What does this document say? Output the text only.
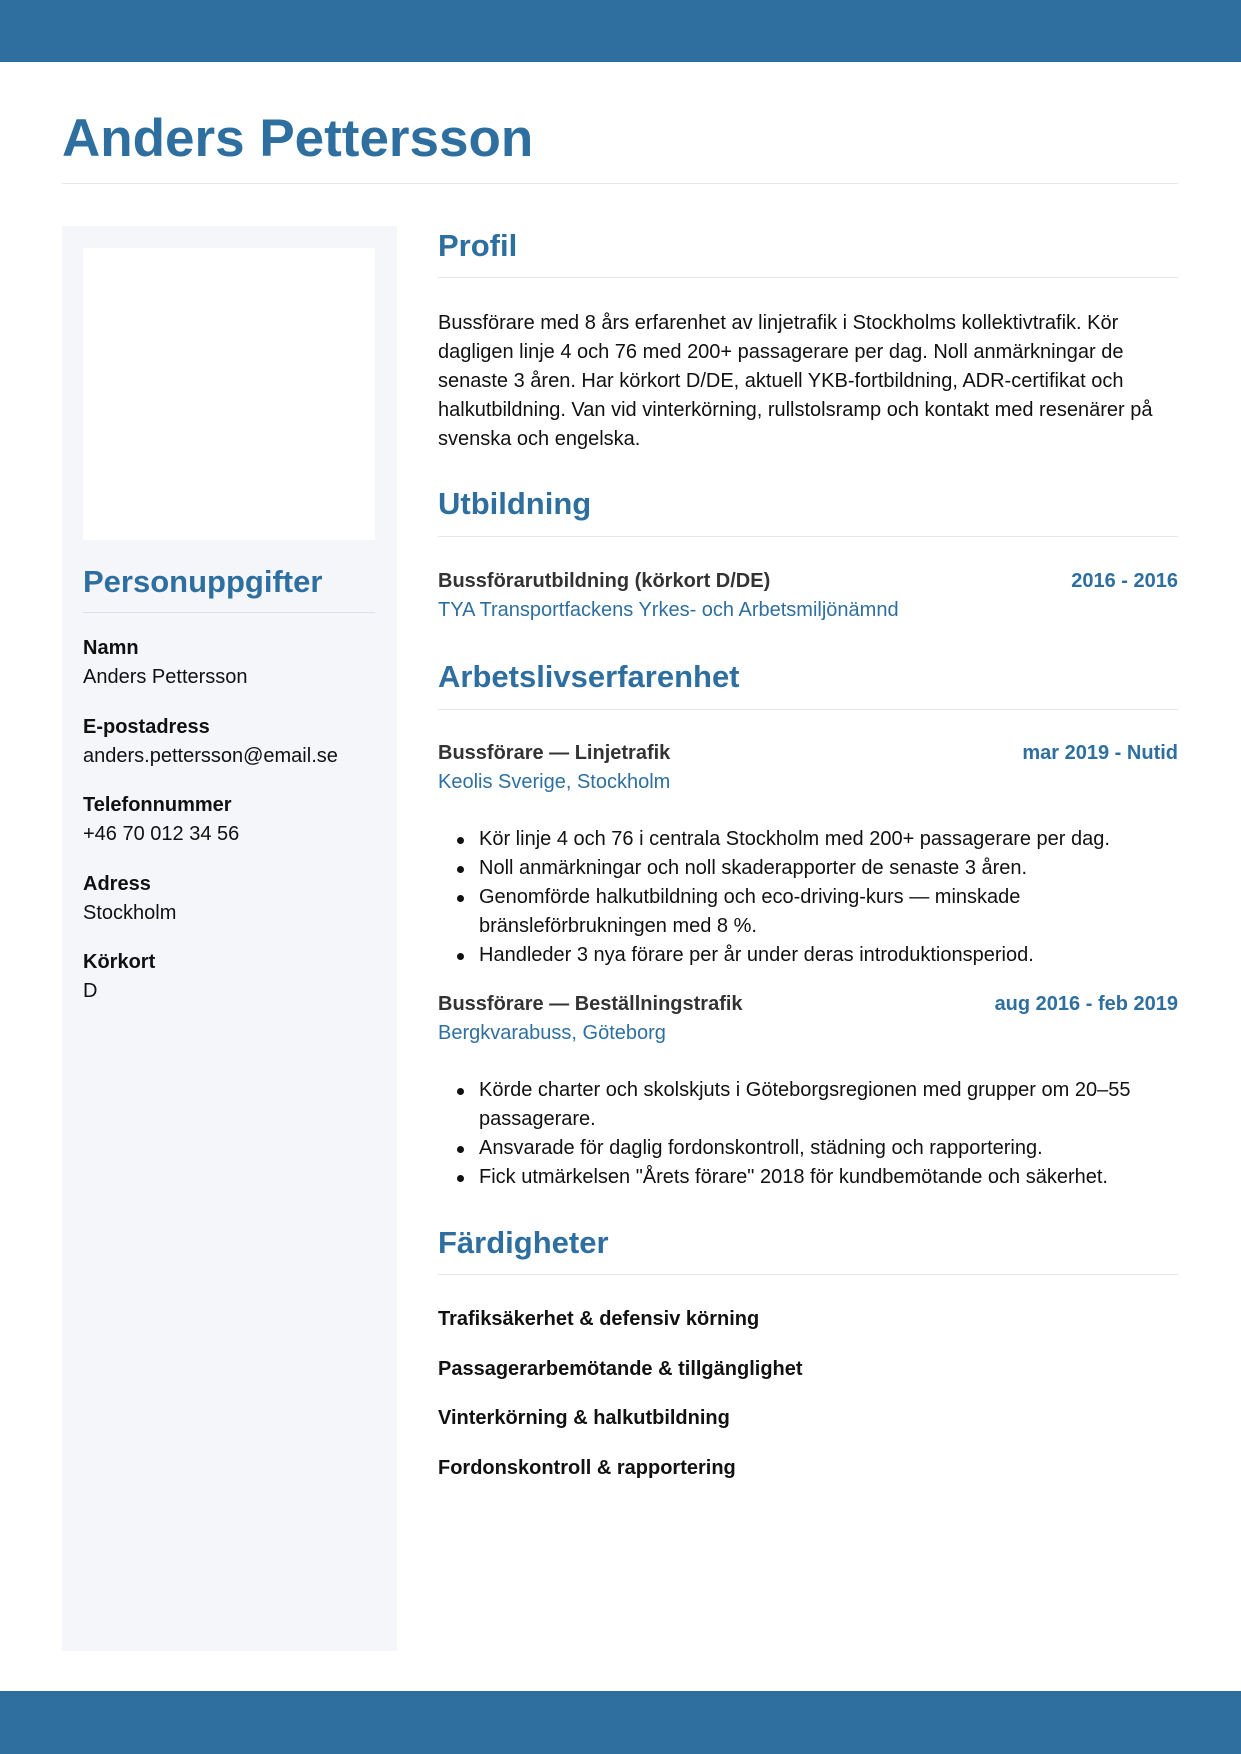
Anders Pettersson
Personuppgifter
Namn
Anders Pettersson
E-postadress
anders.pettersson@email.se
Telefonnummer
+46 70 012 34 56
Adress
Stockholm
Körkort
D
Profil

Bussförare med 8 års erfarenhet av linjetrafik i Stockholms kollektivtrafik. Kör dagligen linje 4 och 76 med 200+ passagerare per dag. Noll anmärkningar de senaste 3 åren. Har körkort D/DE, aktuell YKB-fortbildning, ADR-certifikat och halkutbildning. Van vid vinterkörning, rullstolsramp och kontakt med resenärer på svenska och engelska.

Utbildning
Bussförarutbildning (körkort D/DE)	2016 - 2016
TYA Transportfackens Yrkes- och Arbetsmiljönämnd
Arbetslivserfarenhet
Bussförare — Linjetrafik	mar 2019 - Nutid
Keolis Sverige, Stockholm
Kör linje 4 och 76 i centrala Stockholm med 200+ passagerare per dag.
Noll anmärkningar och noll skaderapporter de senaste 3 åren.
Genomförde halkutbildning och eco-driving-kurs — minskade bränsleförbrukningen med 8 %.
Handleder 3 nya förare per år under deras introduktionsperiod.
Bussförare — Beställningstrafik	aug 2016 - feb 2019
Bergkvarabuss, Göteborg
Körde charter och skolskjuts i Göteborgsregionen med grupper om 20–55 passagerare.
Ansvarade för daglig fordonskontroll, städning och rapportering.
Fick utmärkelsen "Årets förare" 2018 för kundbemötande och säkerhet.
Färdigheter
Trafiksäkerhet & defensiv körning
Passagerarbemötande & tillgänglighet
Vinterkörning & halkutbildning
Fordonskontroll & rapportering
